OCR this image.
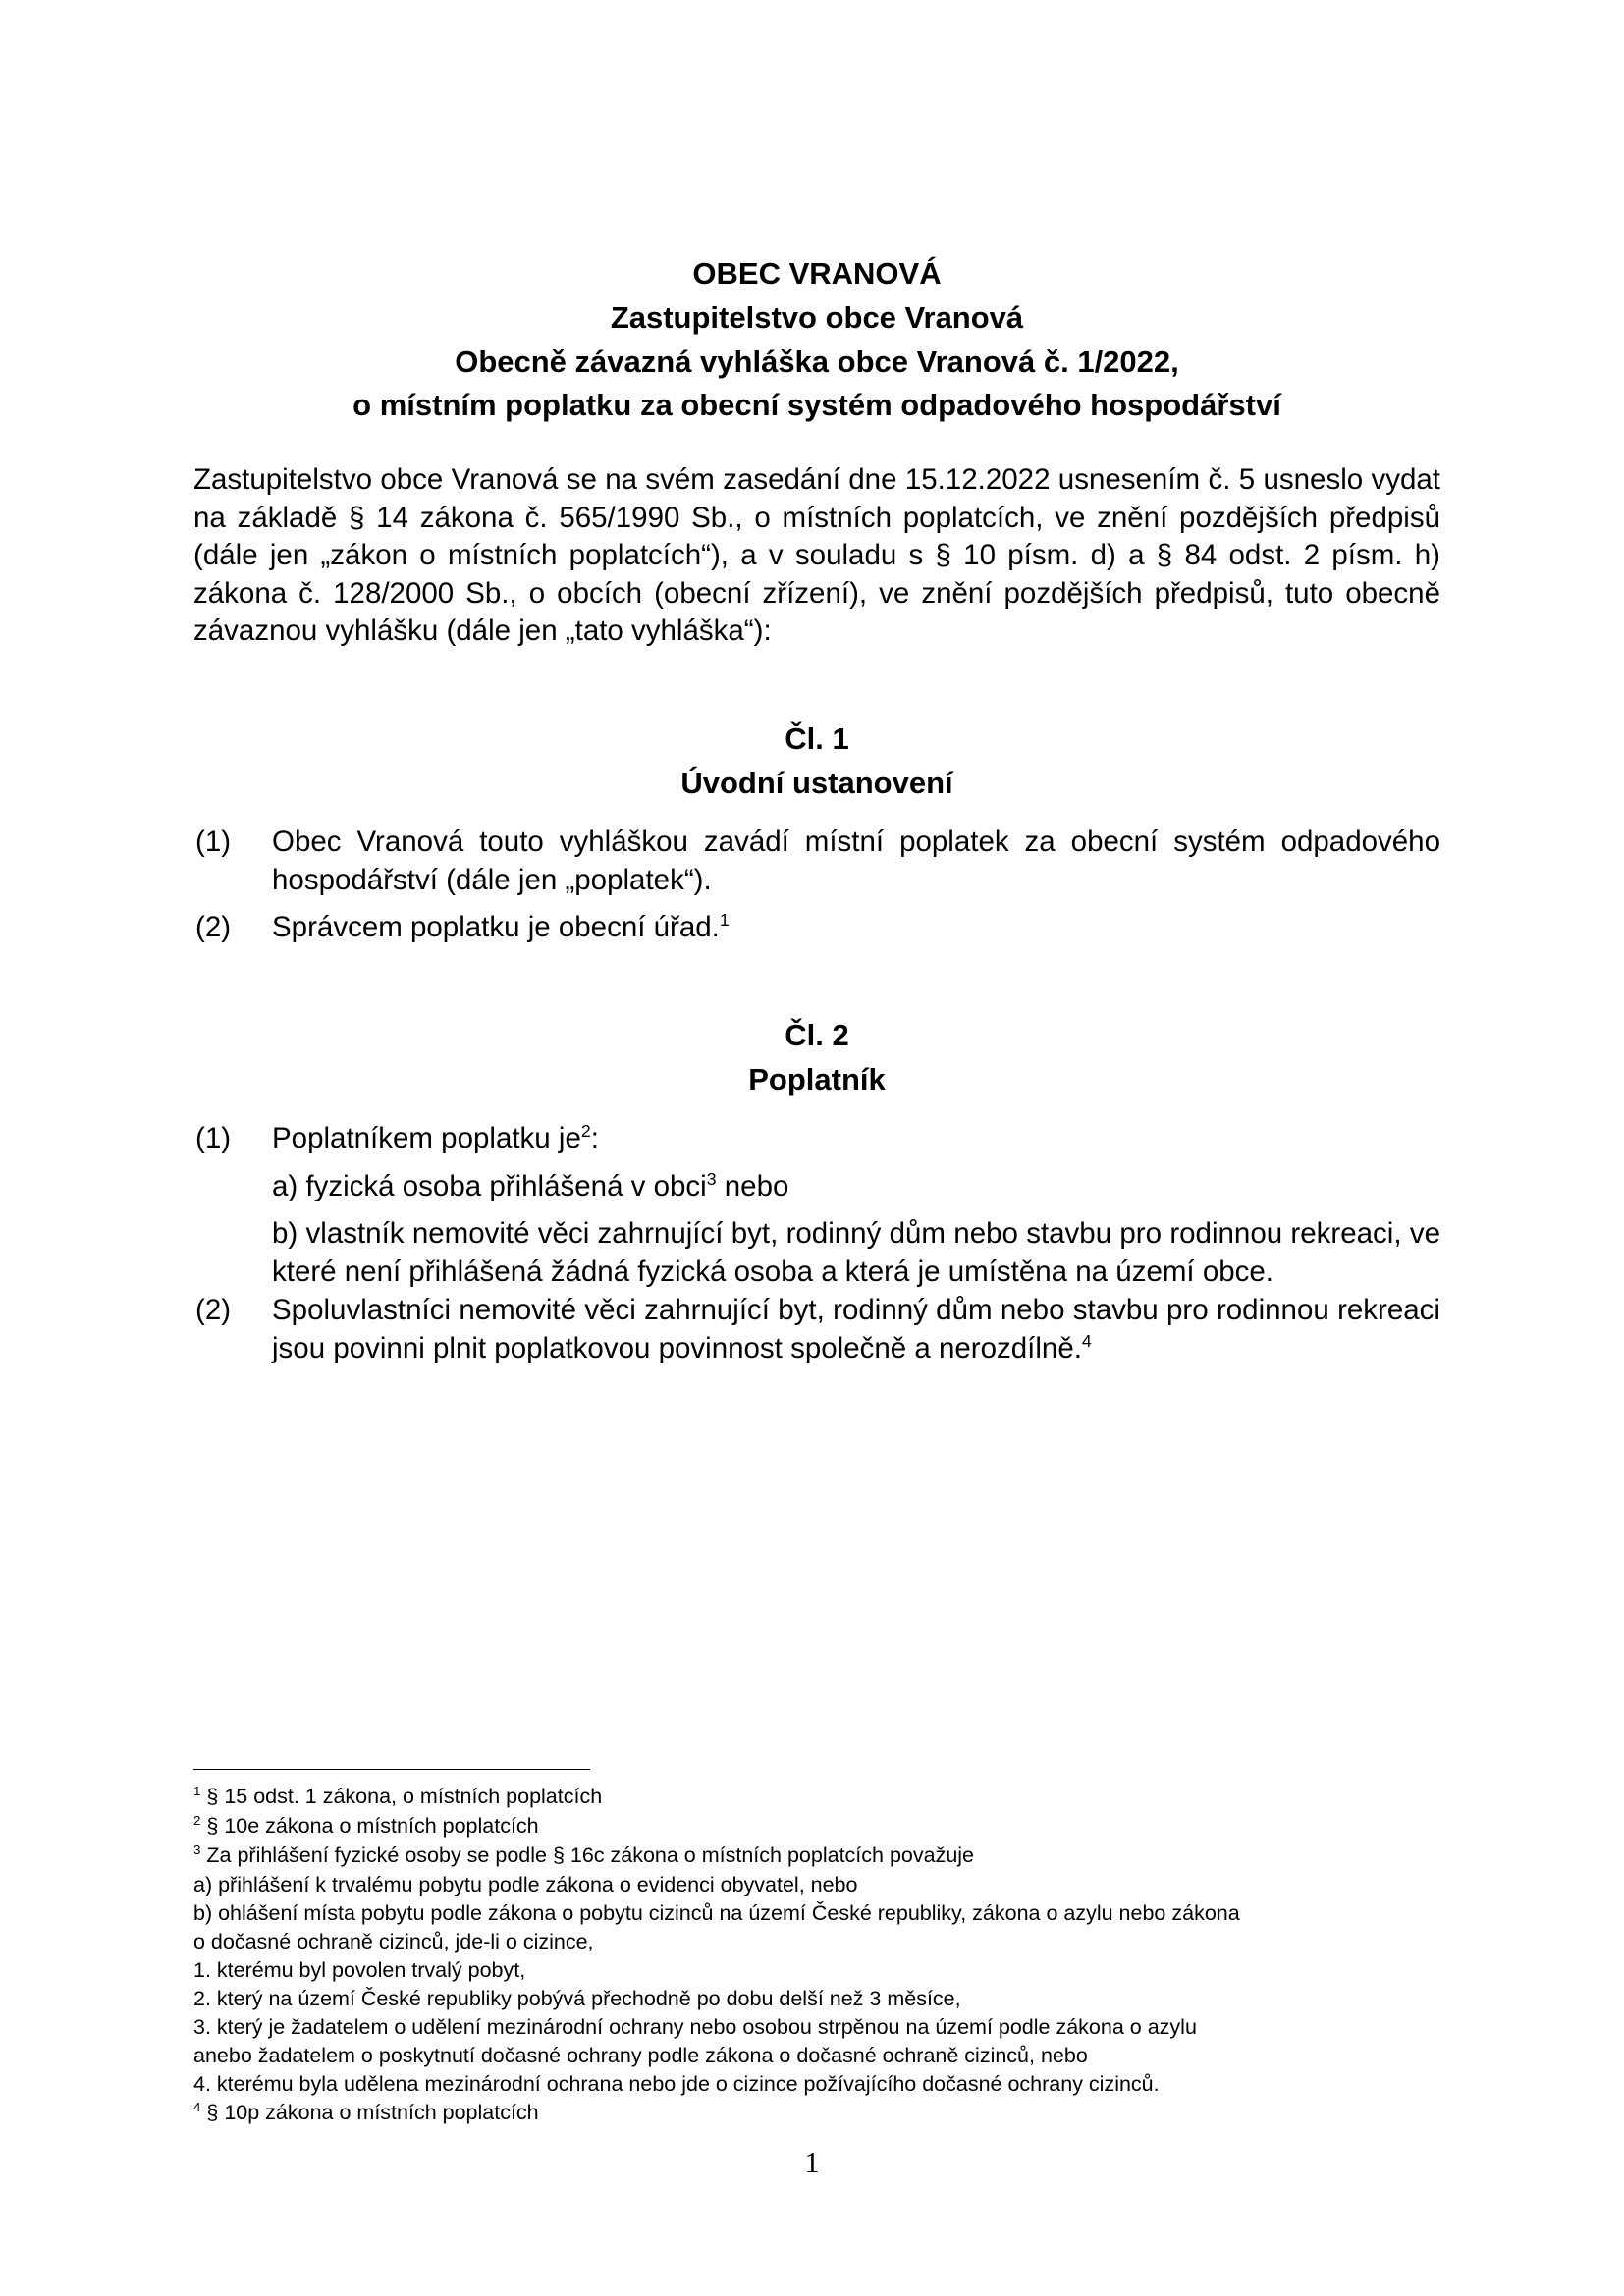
OBEC VRANOVÁ

Zastupitelstvo obce Vranová

Obecně závazná vyhláška obce Vranová č. 1/2022,

o místním poplatku za obecní systém odpadového hospodářství

Zastupitelstvo obce Vranová se na svém zasedání dne 15.12.2022 usnesením č. 5 usneslo vydat na základě § 14 zákona č. 565/1990 Sb., o místních poplatcích, ve znění pozdějších předpisů (dále jen „zákon o místních poplatcích“), a v souladu s § 10 písm. d) a § 84 odst. 2 písm. h) zákona č. 128/2000 Sb., o obcích (obecní zřízení), ve znění pozdějších předpisů, tuto obecně závaznou vyhlášku (dále jen „tato vyhláška“):

Čl. 1

Úvodní ustanovení

(1) Obec Vranová touto vyhláškou zavádí místní poplatek za obecní systém odpadového hospodářství (dále jen „poplatek“).

(2) Správcem poplatku je obecní úřad.$^1$

Čl. 2

Poplatník

(1) Poplatníkem poplatku $je^2$:

a) fyzická osoba přihlášená v obci$^3$ nebo

b) vlastník nemovité věci zahrnující byt, rodinný dům nebo stavbu pro rodinnou rekreaci, ve které není přihlášená žádná fyzická osoba a která je umístěna na území obce.

(2) Spoluvlastníci nemovité věci zahrnující byt, rodinný dům nebo stavbu pro rodinnou rekreaci jsou povinni plnit poplatkovou povinnost společně a nerozdílně.$^4$

$^1$ § 15 odst. 1 zákona, o místních poplatcích

$^2$ § 10e zákona o místních poplatcích

$^3$ Za přihlášení fyzické osoby se podle § 16c zákona o místních poplatcích považuje

a) přihlášení k trvalému pobytu podle zákona o evidenci obyvatel, nebo

b) ohlášení místa pobytu podle zákona o pobytu cizinců na území České republiky, zákona o azylu nebo zákona

o dočasné ochraně cizinců, jde-li o cizince,

1. kterému byl povolen trvalý pobyt,

2. který na území České republiky pobývá přechodně po dobu delší než 3 měsíce,

3. který je žadatelem o udělení mezinárodní ochrany nebo osobou strpěnou na území podle zákona o azylu

anebo žadatelem o poskytnutí dočasné ochrany podle zákona o dočasné ochraně cizinců, nebo

4. kterému byla udělena mezinárodní ochrana nebo jde o cizince požívajícího dočasné ochrany cizinců.

$^4$ § 10p zákona o místních poplatcích

1
